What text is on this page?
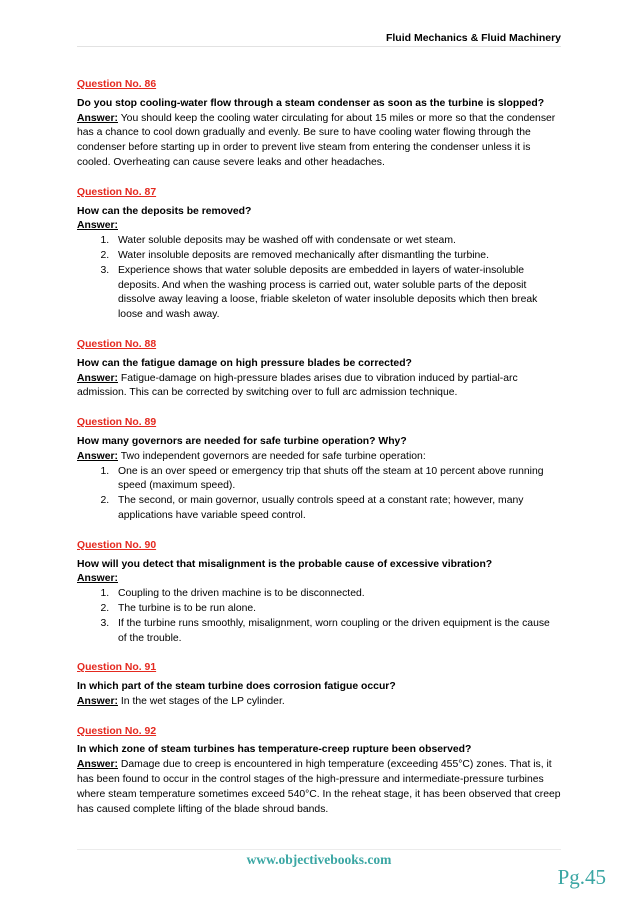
Fluid Mechanics & Fluid Machinery
Question No. 86
Do you stop cooling-water flow through a steam condenser as soon as the turbine is slopped?
Answer: You should keep the cooling water circulating for about 15 miles or more so that the condenser has a chance to cool down gradually and evenly. Be sure to have cooling water flowing through the condenser before starting up in order to prevent live steam from entering the condenser unless it is cooled. Overheating can cause severe leaks and other headaches.
Question No. 87
How can the deposits be removed?
Answer:
1. Water soluble deposits may be washed off with condensate or wet steam.
2. Water insoluble deposits are removed mechanically after dismantling the turbine.
3. Experience shows that water soluble deposits are embedded in layers of water-insoluble deposits. And when the washing process is carried out, water soluble parts of the deposit dissolve away leaving a loose, friable skeleton of water insoluble deposits which then break loose and wash away.
Question No. 88
How can the fatigue damage on high pressure blades be corrected?
Answer: Fatigue-damage on high-pressure blades arises due to vibration induced by partial-arc admission. This can be corrected by switching over to full arc admission technique.
Question No. 89
How many governors are needed for safe turbine operation? Why?
Answer: Two independent governors are needed for safe turbine operation:
1. One is an over speed or emergency trip that shuts off the steam at 10 percent above running speed (maximum speed).
2. The second, or main governor, usually controls speed at a constant rate; however, many applications have variable speed control.
Question No. 90
How will you detect that misalignment is the probable cause of excessive vibration?
Answer:
1. Coupling to the driven machine is to be disconnected.
2. The turbine is to be run alone.
3. If the turbine runs smoothly, misalignment, worn coupling or the driven equipment is the cause of the trouble.
Question No. 91
In which part of the steam turbine does corrosion fatigue occur?
Answer: In the wet stages of the LP cylinder.
Question No. 92
In which zone of steam turbines has temperature-creep rupture been observed?
Answer: Damage due to creep is encountered in high temperature (exceeding 455°C) zones. That is, it has been found to occur in the control stages of the high-pressure and intermediate-pressure turbines where steam temperature sometimes exceed 540°C. In the reheat stage, it has been observed that creep has caused complete lifting of the blade shroud bands.
www.objectivebooks.com
Pg.45
